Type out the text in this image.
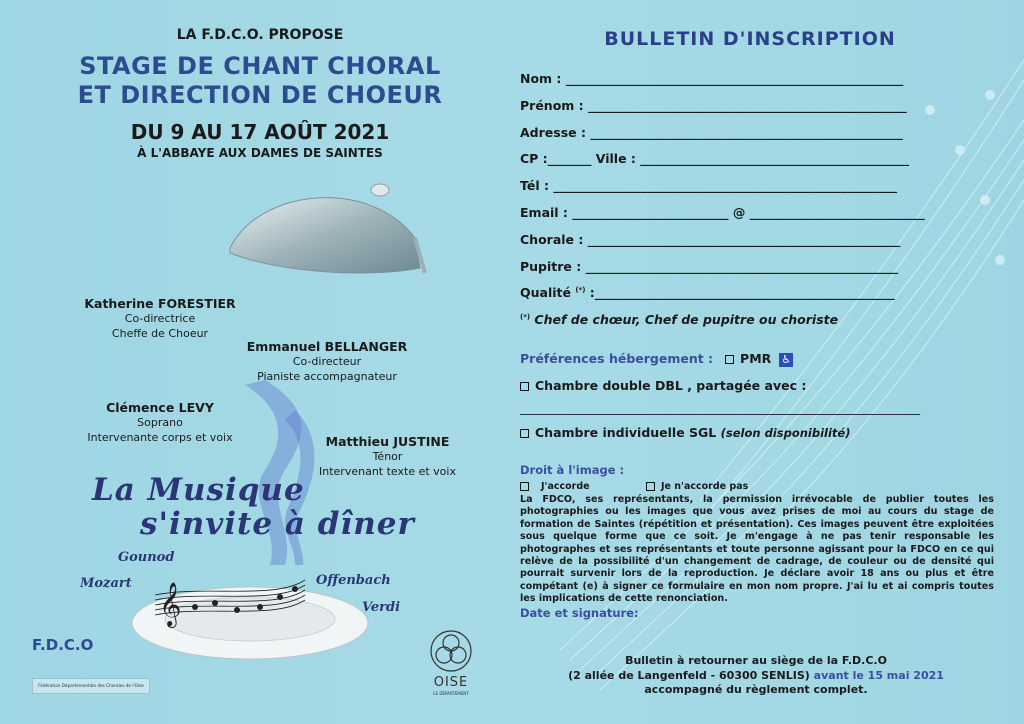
LA F.D.C.O. PROPOSE
STAGE DE CHANT CHORAL
ET DIRECTION DE CHOEUR
DU 9 AU 17 AOÛT 2021
À L'ABBAYE AUX DAMES DE SAINTES
Katherine FORESTIER
Co-directrice
Cheffe de Choeur
Emmanuel BELLANGER
Co-directeur
Pianiste accompagnateur
Clémence LEVY
Soprano
Intervenante corps et voix	Matthieu JUSTINE
Ténor
Intervenant texte et voix
La Musique
s'invite à dîner
Gounod
Mozart	Offenbach
Verdi
𝄞
F.D.C.O
Fédération Départementale des Chorales de l'Oise	OISE
LE DÉPARTEMENT
BULLETIN D'INSCRIPTION
Nom : ______________________________________________________
Prénom : ___________________________________________________
Adresse : __________________________________________________
CP :_______ Ville : ___________________________________________
Tél : _______________________________________________________
Email : _________________________ @ ____________________________
Chorale : __________________________________________________
Pupitre : __________________________________________________
Qualité (*) :________________________________________________
(*) Chef de chœur, Chef de pupitre ou choriste
Préférences hébergement : PMR ♿
Chambre double DBL , partagée avec :
________________________________________________________________
Chambre individuelle SGL (selon disponibilité)
Droit à l'image :
J'accorde	Je n'accorde pas
La FDCO, ses représentants, la permission irrévocable de publier toutes les photographies ou les images que vous avez prises de moi au cours du stage de formation de Saintes (répétition et présentation). Ces images peuvent être exploitées sous quelque forme que ce soit. Je m'engage à ne pas tenir responsable les photographes et ses représentants et toute personne agissant pour la FDCO en ce qui relève de la possibilité d'un changement de cadrage, de couleur ou de densité qui pourrait survenir lors de la reproduction. Je déclare avoir 18 ans ou plus et être compétant (e) à signer ce formulaire en mon nom propre. J'ai lu et ai compris toutes les implications de cette renonciation.
Date et signature:
Bulletin à retourner au siège de la F.D.C.O
(2 allée de Langenfeld - 60300 SENLIS) avant le 15 mai 2021
accompagné du règlement complet.
